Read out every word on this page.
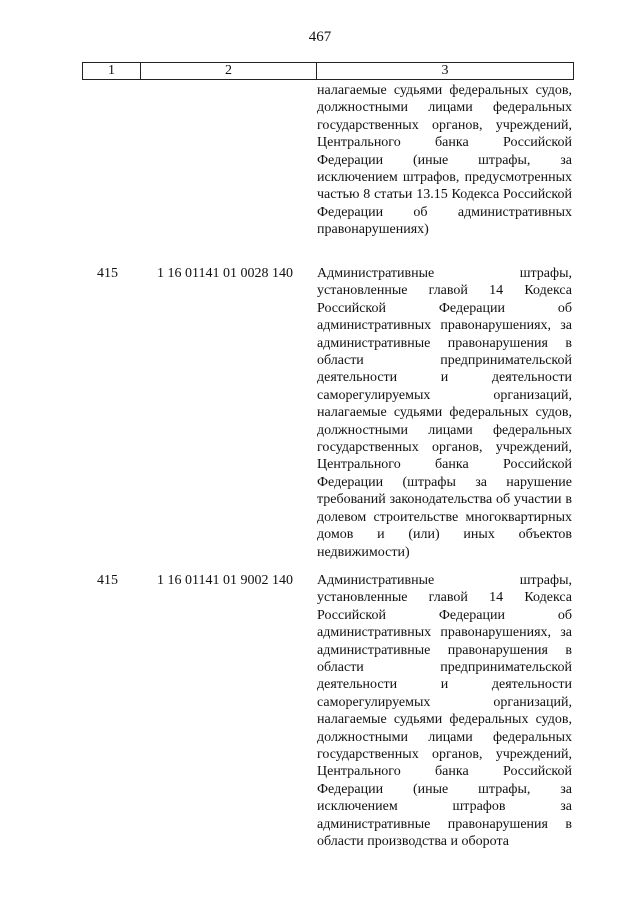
467
1	2	3
налагаемые судьями федеральных судов, должностными лицами федеральных государственных органов, учреждений, Центрального банка Российской Федерации (иные штрафы, за исключением штрафов, предусмотренных частью 8 статьи 13.15 Кодекса Российской Федерации об административных правонарушениях)
415	1 16 01141 01 0028 140 Административные штрафы, установленные главой 14 Кодекса Российской Федерации об административных правонарушениях, за административные правонарушения в области предпринимательской деятельности и деятельности саморегулируемых организаций, налагаемые судьями федеральных судов, должностными лицами федеральных государственных органов, учреждений, Центрального банка Российской Федерации (штрафы за нарушение требований законодательства об участии в долевом строительстве многоквартирных домов и (или) иных объектов недвижимости)
415	1 16 01141 01 9002 140 Административные штрафы, установленные главой 14 Кодекса Российской Федерации об административных правонарушениях, за административные правонарушения в области предпринимательской деятельности и деятельности саморегулируемых организаций, налагаемые судьями федеральных судов, должностными лицами федеральных государственных органов, учреждений, Центрального банка Российской Федерации (иные штрафы, за исключением штрафов за административные правонарушения в области производства и оборота
